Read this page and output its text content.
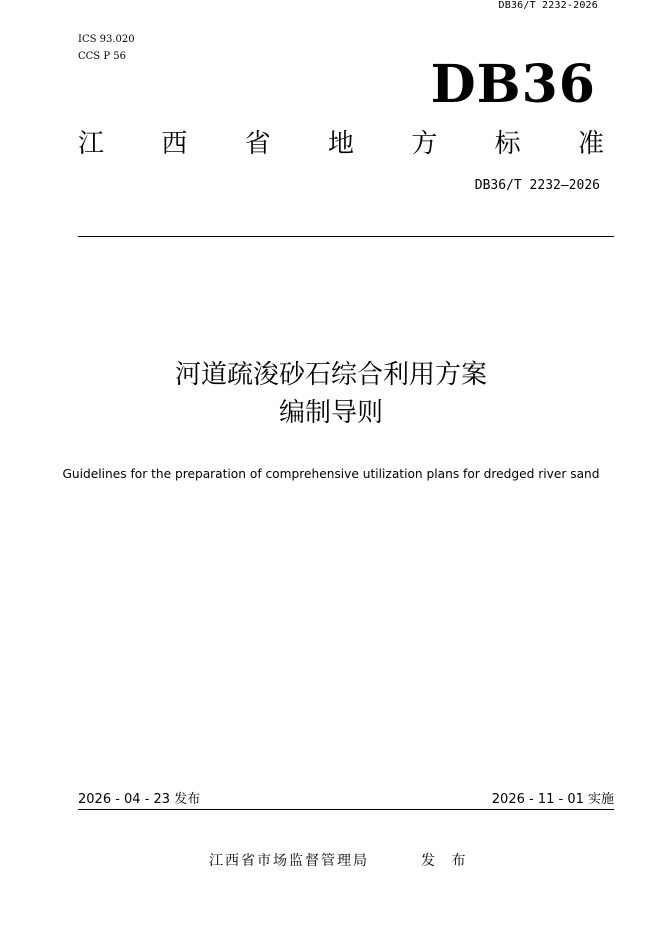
DB36/T 2232-2026
ICS 93.020
CCS P 56	DB36
江 西 省 地 方 标 准
DB36/T 2232—2026
河道疏浚砂石综合利用方案
编制导则
Guidelines for the preparation of comprehensive utilization plans for dredged river sand
2026 - 04 - 23 发布	2026 - 11 - 01 实施
江西省市场监督管理局	发 布
